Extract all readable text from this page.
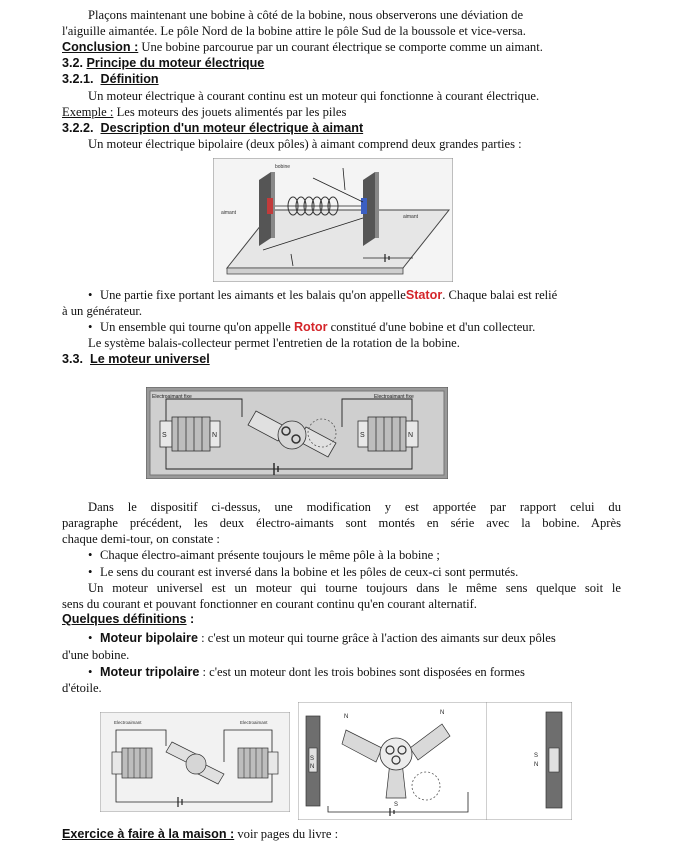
Plaçons maintenant une bobine à côté de la bobine, nous observerons une déviation de
l'aiguille aimantée. Le pôle Nord de la bobine attire le pôle Sud de la boussole et vice-versa.
Conclusion : Une bobine parcourue par un courant électrique se comporte comme un aimant.
3.2. Principe du moteur électrique
3.2.1. Définition
Un moteur électrique à courant continu est un moteur qui fonctionne à courant électrique.
Exemple : Les moteurs des jouets alimentés par les piles
3.2.2. Description d'un moteur électrique à aimant
Un moteur électrique bipolaire (deux pôles) à aimant comprend deux grandes parties :
bobine
aimant
aimant
• Une partie fixe portant les aimants et les balais qu'on appelleStator. Chaque balai est relié
à un générateur.
• Un ensemble qui tourne qu'on appelle Rotor constitué d'une bobine et d'un collecteur.
Le système balais-collecteur permet l'entretien de la rotation de la bobine.
3.3. Le moteur universel
Electroaimant fixe	Electroaimant fixe
S	N	S	N
Dans le dispositif ci-dessus, une modification y est apportée par rapport celui du
paragraphe précédent, les deux électro-aimants sont montés en série avec la bobine. Après
chaque demi-tour, on constate :
• Chaque électro-aimant présente toujours le même pôle à la bobine ;
• Le sens du courant est inversé dans la bobine et les pôles de ceux-ci sont permutés.
Un moteur universel est un moteur qui tourne toujours dans le même sens quelque soit le
sens du courant et pouvant fonctionner en courant continu qu'en courant alternatif.
Quelques définitions :
• Moteur bipolaire : c'est un moteur qui tourne grâce à l'action des aimants sur deux pôles
d'une bobine.
• Moteur tripolaire : c'est un moteur dont les trois bobines sont disposées en formes
d'étoile.
Electroaimant	Electroaimant
N
N
S
N
S
S
N
Exercice à faire à la maison : voir pages du livre :
